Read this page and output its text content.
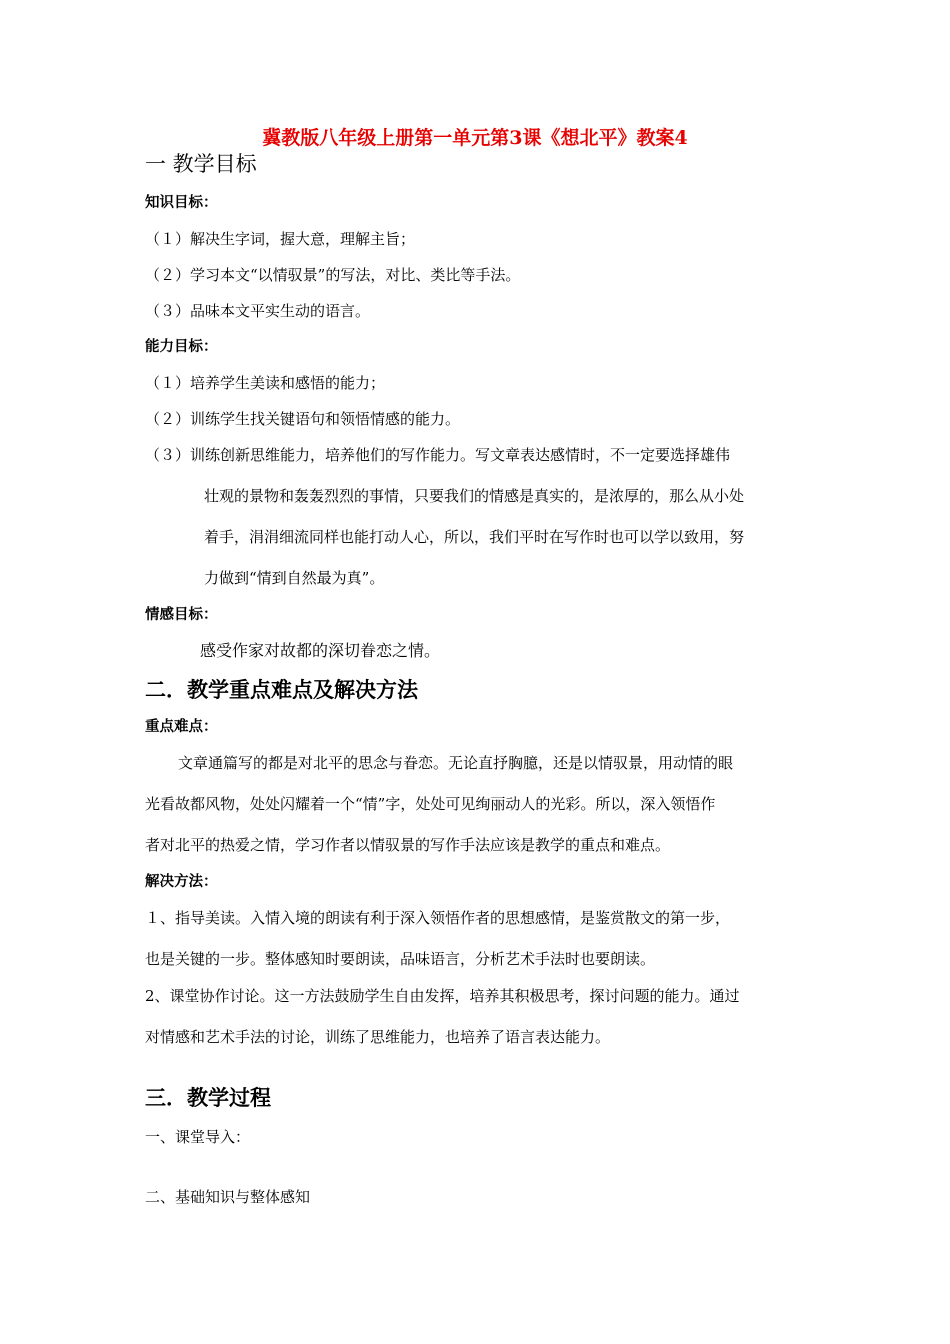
冀教版八年级上册第一单元第3课《想北平》教案4
一 教学目标
知识目标：
（１）解决生字词，握大意，理解主旨；
（２）学习本文“以情驭景”的写法，对比、类比等手法。
（３）品味本文平实生动的语言。
能力目标：
（１）培养学生美读和感悟的能力；
（２）训练学生找关键语句和领悟情感的能力。
（３）训练创新思维能力，培养他们的写作能力。写文章表达感情时，不一定要选择雄伟
壮观的景物和轰轰烈烈的事情，只要我们的情感是真实的，是浓厚的，那么从小处
着手，涓涓细流同样也能打动人心，所以，我们平时在写作时也可以学以致用，努
力做到“情到自然最为真”。
情感目标：
感受作家对故都的深切眷恋之情。
二．教学重点难点及解决方法
重点难点：
文章通篇写的都是对北平的思念与眷恋。无论直抒胸臆，还是以情驭景，用动情的眼
光看故都风物，处处闪耀着一个“情”字，处处可见绚丽动人的光彩。所以，深入领悟作
者对北平的热爱之情，学习作者以情驭景的写作手法应该是教学的重点和难点。
解决方法：
１、指导美读。入情入境的朗读有利于深入领悟作者的思想感情，是鉴赏散文的第一步，
也是关键的一步。整体感知时要朗读，品味语言，分析艺术手法时也要朗读。
2、课堂协作讨论。这一方法鼓励学生自由发挥，培养其积极思考，探讨问题的能力。通过
对情感和艺术手法的讨论，训练了思维能力，也培养了语言表达能力。
三．教学过程
一、课堂导入：
二、基础知识与整体感知
